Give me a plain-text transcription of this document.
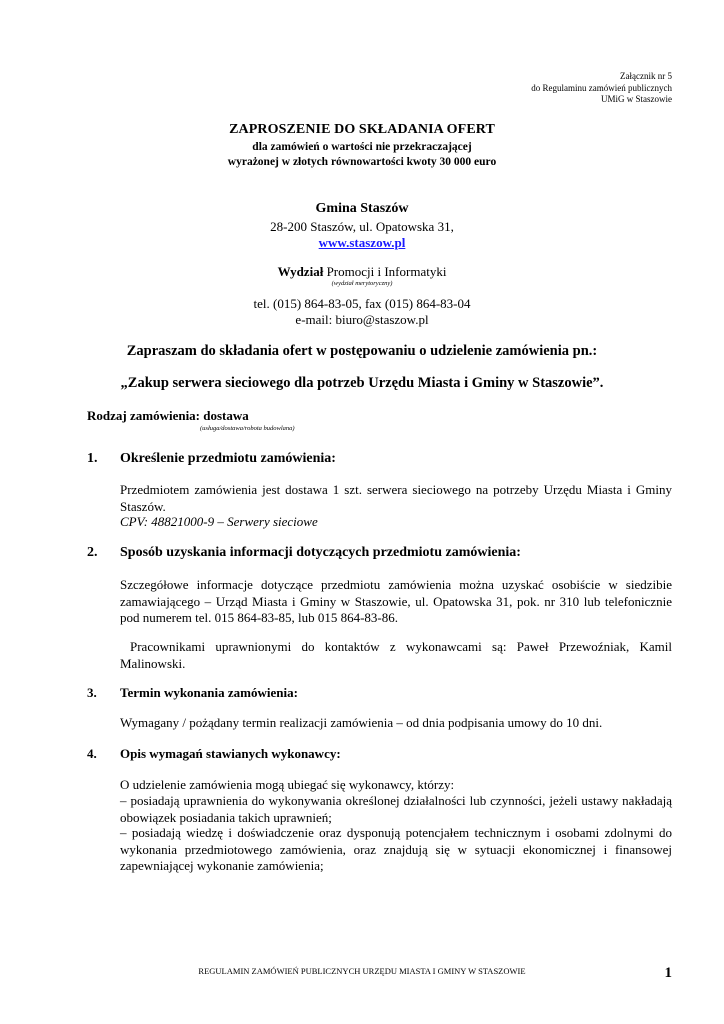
Załącznik nr 5
do Regulaminu zamówień publicznych
UMiG w Staszowie
ZAPROSZENIE DO SKŁADANIA OFERT
dla zamówień o wartości nie przekraczającej
wyrażonej w złotych równowartości kwoty 30 000 euro
Gmina Staszów
28-200 Staszów, ul. Opatowska 31,
www.staszow.pl
Wydział Promocji i Informatyki
(wydział merytoryczny)
tel. (015) 864-83-05, fax (015) 864-83-04
e-mail: biuro@staszow.pl
Zapraszam do składania ofert w postępowaniu o udzielenie zamówienia pn.:
„Zakup serwera sieciowego dla potrzeb Urzędu Miasta i Gminy w Staszowie”.
Rodzaj zamówienia: dostawa
(usługa/dostawa/robota budowlana)
1. Określenie przedmiotu zamówienia:
Przedmiotem zamówienia jest dostawa 1 szt. serwera sieciowego na potrzeby Urzędu Miasta i Gminy Staszów.
CPV: 48821000-9 – Serwery sieciowe
2. Sposób uzyskania informacji dotyczących przedmiotu zamówienia:
Szczegółowe informacje dotyczące przedmiotu zamówienia można uzyskać osobiście w siedzibie zamawiającego – Urząd Miasta i Gminy w Staszowie, ul. Opatowska 31, pok. nr 310 lub telefonicznie pod numerem tel. 015 864-83-85, lub 015 864-83-86.
Pracownikami uprawnionymi do kontaktów z wykonawcami są: Paweł Przewoźniak, Kamil Malinowski.
3. Termin wykonania zamówienia:
Wymagany / pożądany termin realizacji zamówienia – od dnia podpisania umowy do 10 dni.
4. Opis wymagań stawianych wykonawcy:
O udzielenie zamówienia mogą ubiegać się wykonawcy, którzy:
– posiadają uprawnienia do wykonywania określonej działalności lub czynności, jeżeli ustawy nakładają obowiązek posiadania takich uprawnień;
– posiadają wiedzę i doświadczenie oraz dysponują potencjałem technicznym i osobami zdolnymi do wykonania przedmiotowego zamówienia, oraz znajdują się w sytuacji ekonomicznej i finansowej zapewniającej wykonanie zamówienia;
REGULAMIN ZAMÓWIEŃ PUBLICZNYCH URZĘDU MIASTA I GMINY W STASZOWIE	1
